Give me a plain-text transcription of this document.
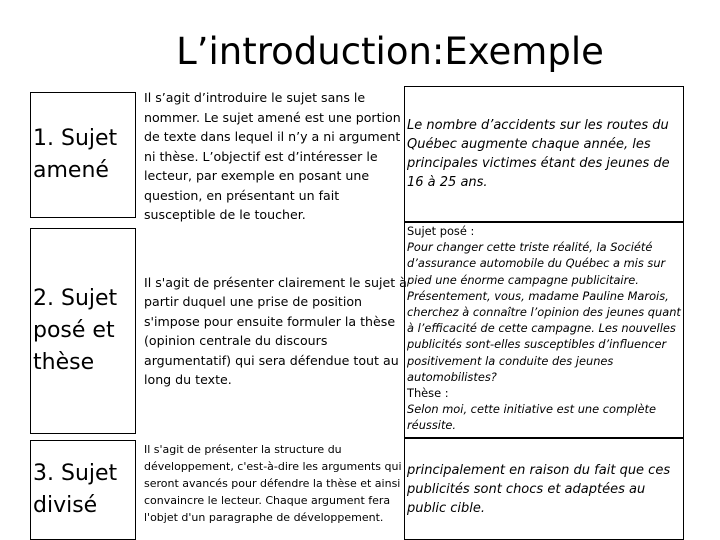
L’introduction:Exemple
1. Sujet
amené
Il s’agit d’introduire le sujet sans le nommer. Le sujet amené est une portion de texte dans lequel il n’y a ni argument ni thèse. L’objectif est d’intéresser le lecteur, par exemple en posant une question, en présentant un fait susceptible de le toucher.

Le nombre d’accidents sur les routes du Québec augmente chaque année, les principales victimes étant des jeunes de 16 à 25 ans.

2. Sujet
posé et
thèse

Il s'agit de présenter clairement le sujet à partir duquel une prise de position s'impose pour ensuite formuler la thèse (opinion centrale du discours argumentatif) qui sera défendue tout au long du texte.

Sujet posé :
Pour changer cette triste réalité, la Société d’assurance automobile du Québec a mis sur pied une énorme campagne publicitaire. Présentement, vous, madame Pauline Marois, cherchez à connaître l’opinion des jeunes quant à l’efficacité de cette campagne. Les nouvelles publicités sont-elles susceptibles d’influencer positivement la conduite des jeunes automobilistes?
Thèse :
Selon moi, cette initiative est une complète réussite.
3. Sujet
divisé
Il s'agit de présenter la structure du développement, c'est-à-dire les arguments qui seront avancés pour défendre la thèse et ainsi convaincre le lecteur. Chaque argument fera l'objet d'un paragraphe de développement.

principalement en raison du fait que ces publicités sont chocs et adaptées au public cible.
